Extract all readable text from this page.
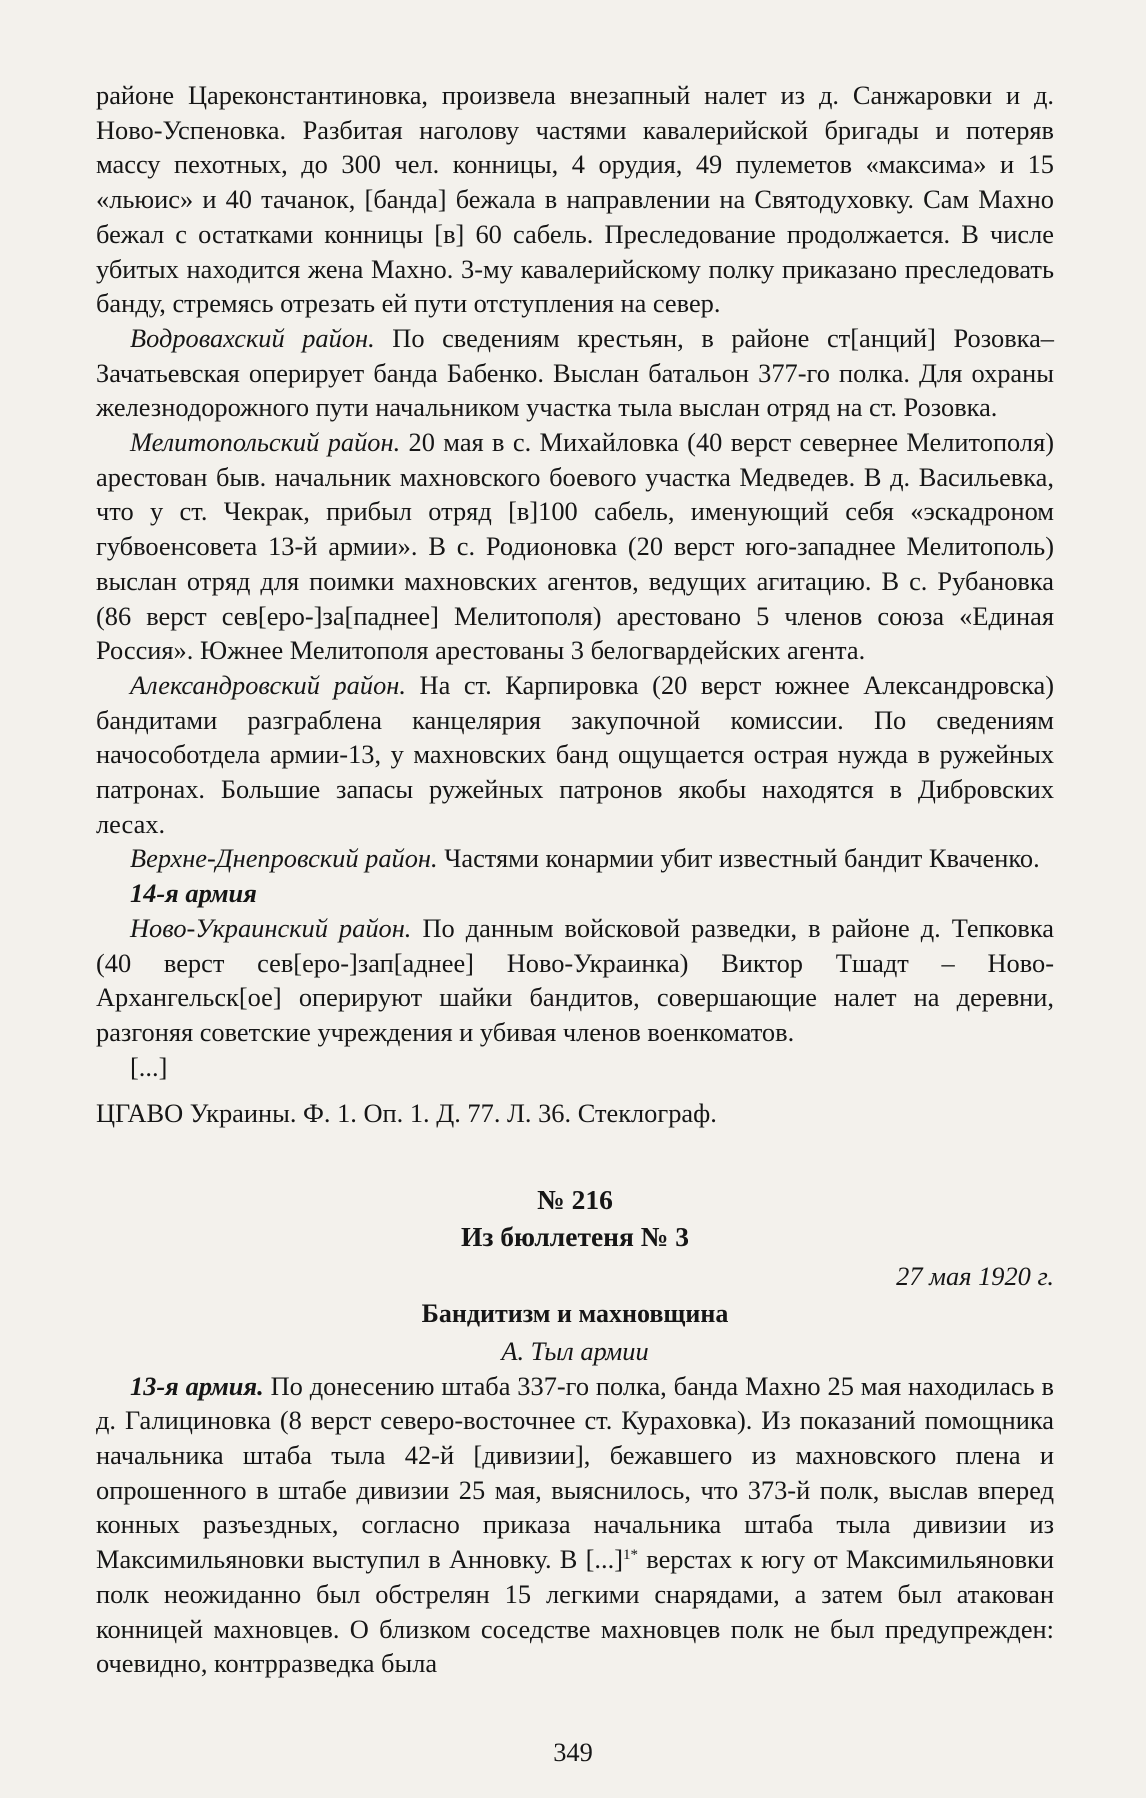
районе Цареконстантиновка, произвела внезапный налет из д. Санжаровки и д. Ново-Успеновка. Разбитая наголову частями кавалерийской бригады и потеряв массу пехотных, до 300 чел. конницы, 4 орудия, 49 пулеметов «максима» и 15 «льюис» и 40 тачанок, [банда] бежала в направлении на Святодуховку. Сам Махно бежал с остатками конницы [в] 60 сабель. Преследование продолжается. В числе убитых находится жена Махно. 3-му кавалерийскому полку приказано преследовать банду, стремясь отрезать ей пути отступления на север.

Водровахский район. По сведениям крестьян, в районе ст[анций] Розовка–Зачатьевская оперирует банда Бабенко. Выслан батальон 377-го полка. Для охраны железнодорожного пути начальником участка тыла выслан отряд на ст. Розовка.

Мелитопольский район. 20 мая в с. Михайловка (40 верст севернее Мелитополя) арестован быв. начальник махновского боевого участка Медведев. В д. Васильевка, что у ст. Чекрак, прибыл отряд [в]100 сабель, именующий себя «эскадроном губвоенсовета 13-й армии». В с. Родионовка (20 верст юго-западнее Мелитополь) выслан отряд для поимки махновских агентов, ведущих агитацию. В с. Рубановка (86 верст сев[еро-]за[паднее] Мелитополя) арестовано 5 членов союза «Единая Россия». Южнее Мелитополя арестованы 3 белогвардейских агента.

Александровский район. На ст. Карпировка (20 верст южнее Александровска) бандитами разграблена канцелярия закупочной комиссии. По сведениям начособотдела армии-13, у махновских банд ощущается острая нужда в ружейных патронах. Большие запасы ружейных патронов якобы находятся в Дибровских лесах.

Верхне-Днепровский район. Частями конармии убит известный бандит Кваченко.

14-я армия

Ново-Украинский район. По данным войсковой разведки, в районе д. Тепковка (40 верст сев[еро-]зап[аднее] Ново-Украинка) Виктор Тшадт – Ново-Архангельск[ое] оперируют шайки бандитов, совершающие налет на деревни, разгоняя советские учреждения и убивая членов военкоматов.

[...]

ЦГАВО Украины. Ф. 1. Оп. 1. Д. 77. Л. 36. Стеклограф.

№ 216

Из бюллетеня № 3

27 мая 1920 г.

Бандитизм и махновщина

А. Тыл армии

13-я армия. По донесению штаба 337-го полка, банда Махно 25 мая находилась в д. Галициновка (8 верст северо-восточнее ст. Кураховка). Из показаний помощника начальника штаба тыла 42-й [дивизии], бежавшего из махновского плена и опрошенного в штабе дивизии 25 мая, выяснилось, что 373-й полк, выслав вперед конных разъездных, согласно приказа начальника штаба тыла дивизии из Максимильяновки выступил в Анновку. В [...]$^{1*}$ верстах к югу от Максимильяновки полк неожиданно был обстрелян 15 легкими снарядами, а затем был атакован конницей махновцев. О близком соседстве махновцев полк не был предупрежден: очевидно, контрразведка была

349
